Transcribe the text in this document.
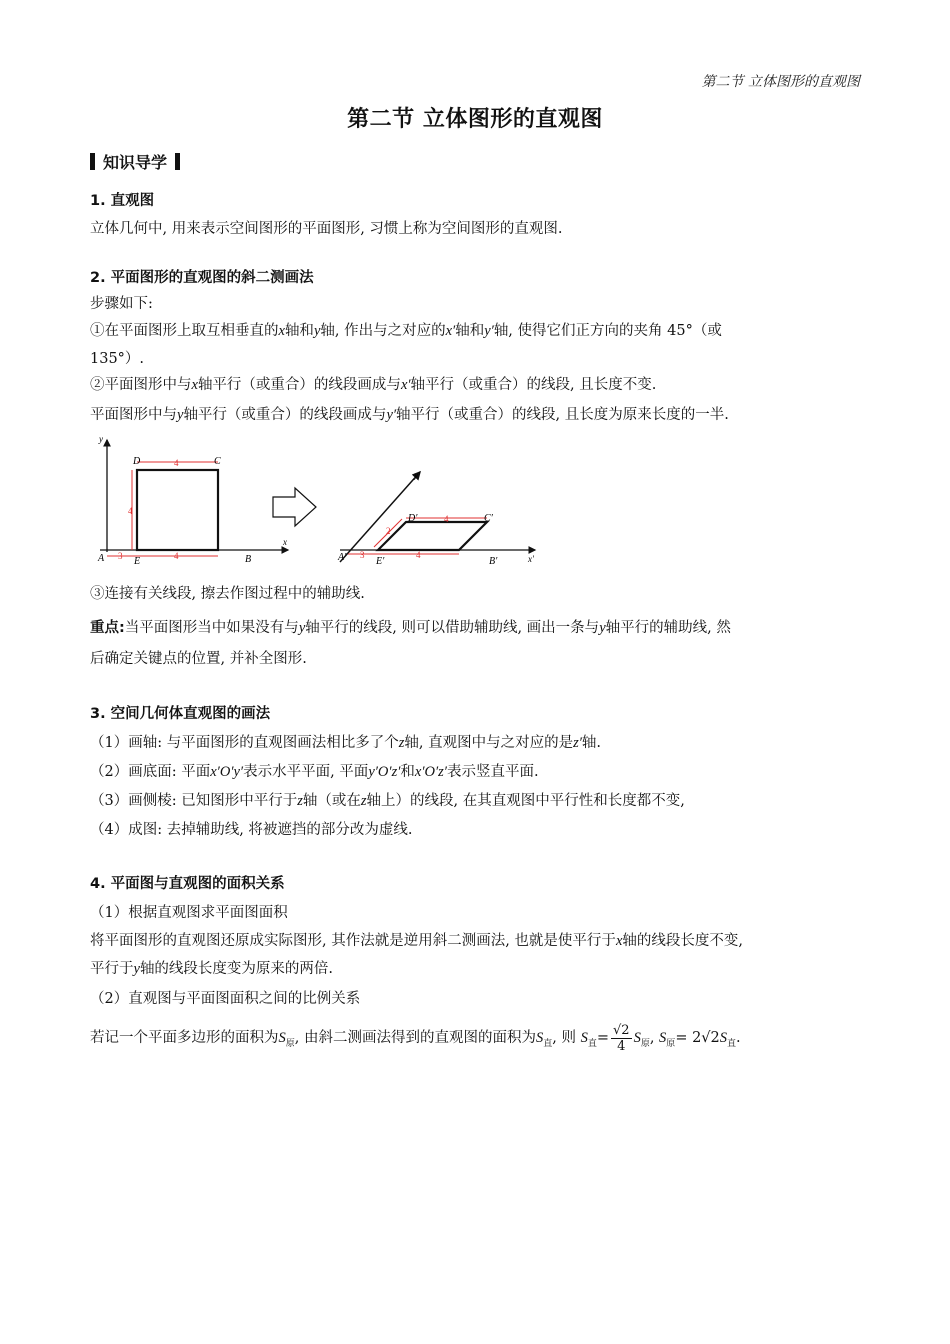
第二节 立体图形的直观图
第二节 立体图形的直观图
知识导学
1. 直观图
立体几何中, 用来表示空间图形的平面图形, 习惯上称为空间图形的直观图.
2. 平面图形的直观图的斜二测画法
步骤如下:
①在平面图形上取互相垂直的x轴和y轴, 作出与之对应的x′轴和y′轴, 使得它们正方向的夹角 45°（或
135°）.
②平面图形中与x轴平行（或重合）的线段画成与x′轴平行（或重合）的线段, 且长度不变.
平面图形中与y轴平行（或重合）的线段画成与y′轴平行（或重合）的线段, 且长度为原来长度的一半.
y
x
A	E	B
C
D	4
4
3	4
y′
x′
A′	E′	B′
C′
D′	4
2
3	4
③连接有关线段, 擦去作图过程中的辅助线.
重点:当平面图形当中如果没有与y轴平行的线段, 则可以借助辅助线, 画出一条与y轴平行的辅助线, 然
后确定关键点的位置, 并补全图形.
3. 空间几何体直观图的画法
（1）画轴: 与平面图形的直观图画法相比多了个z轴, 直观图中与之对应的是z′轴.
（2）画底面: 平面x′O′y′表示水平平面, 平面y′O′z′和x′O′z′表示竖直平面.
（3）画侧棱: 已知图形中平行于z轴（或在z轴上）的线段, 在其直观图中平行性和长度都不变,
（4）成图: 去掉辅助线, 将被遮挡的部分改为虚线.
4. 平面图与直观图的面积关系
（1）根据直观图求平面图面积
将平面图形的直观图还原成实际图形, 其作法就是逆用斜二测画法, 也就是使平行于x轴的线段长度不变,
平行于y轴的线段长度变为原来的两倍.
（2）直观图与平面图面积之间的比例关系
若记一个平面多边形的面积为$S_原$, 由斜二测画法得到的直观图的面积为$S_直$, 则 $S_直= \frac{√2}{4} S_原$, $S_原= 2√2S_直$.
